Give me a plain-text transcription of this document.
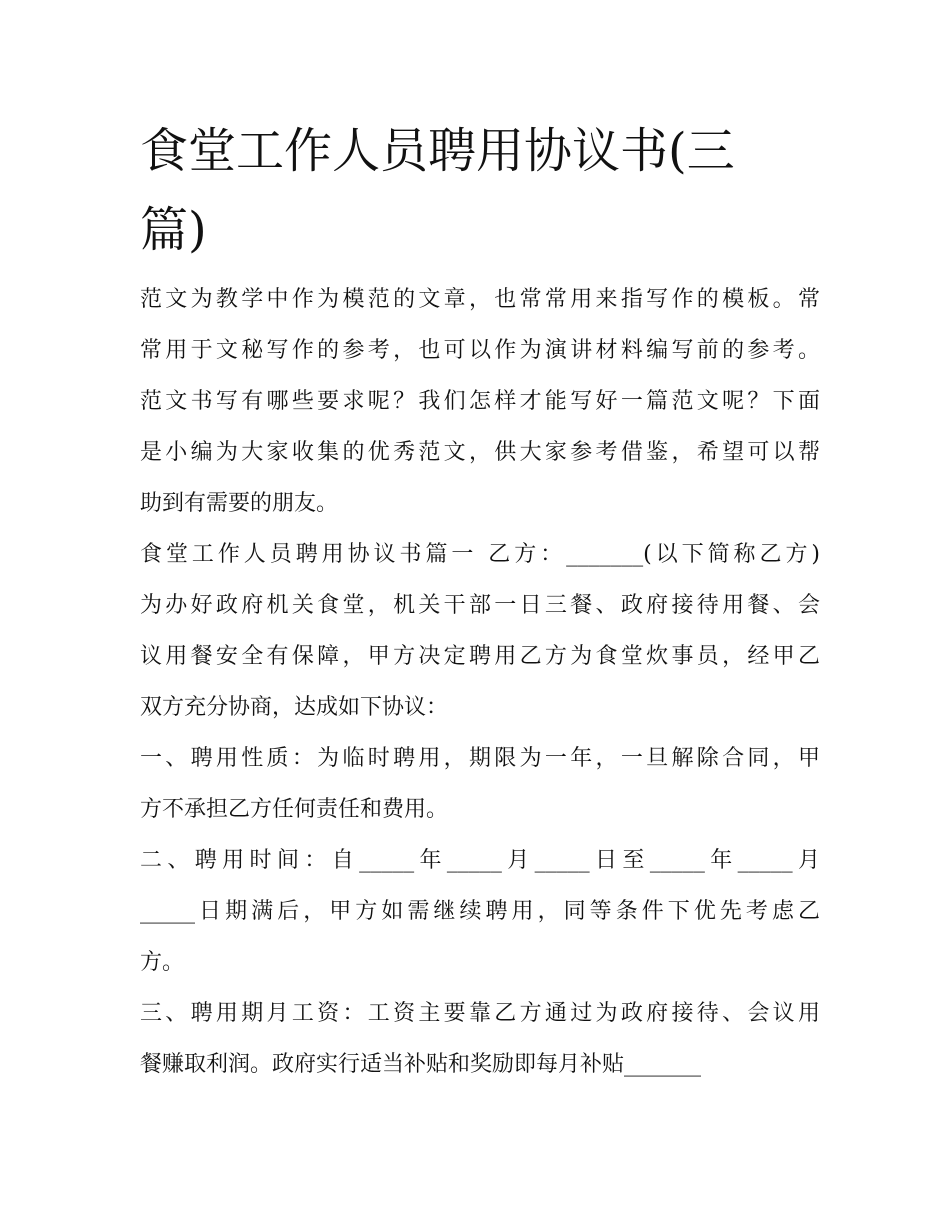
食堂工作人员聘用协议书(三
篇)

范文为教学中作为模范的文章，也常常用来指写作的模板。常

常用于文秘写作的参考，也可以作为演讲材料编写前的参考。

范文书写有哪些要求呢？我们怎样才能写好一篇范文呢？下面

是小编为大家收集的优秀范文，供大家参考借鉴，希望可以帮

助到有需要的朋友。

食堂工作人员聘用协议书篇一 乙方：_______(以下简称乙方)

为办好政府机关食堂，机关干部一日三餐、政府接待用餐、会

议用餐安全有保障，甲方决定聘用乙方为食堂炊事员，经甲乙

双方充分协商，达成如下协议：

一、聘用性质：为临时聘用，期限为一年，一旦解除合同，甲

方不承担乙方任何责任和费用。

二、聘用时间：自_____年_____月_____日至_____年_____月

_____日期满后，甲方如需继续聘用，同等条件下优先考虑乙

方。

三、聘用期月工资：工资主要靠乙方通过为政府接待、会议用

餐赚取利润。政府实行适当补贴和奖励即每月补贴_______
